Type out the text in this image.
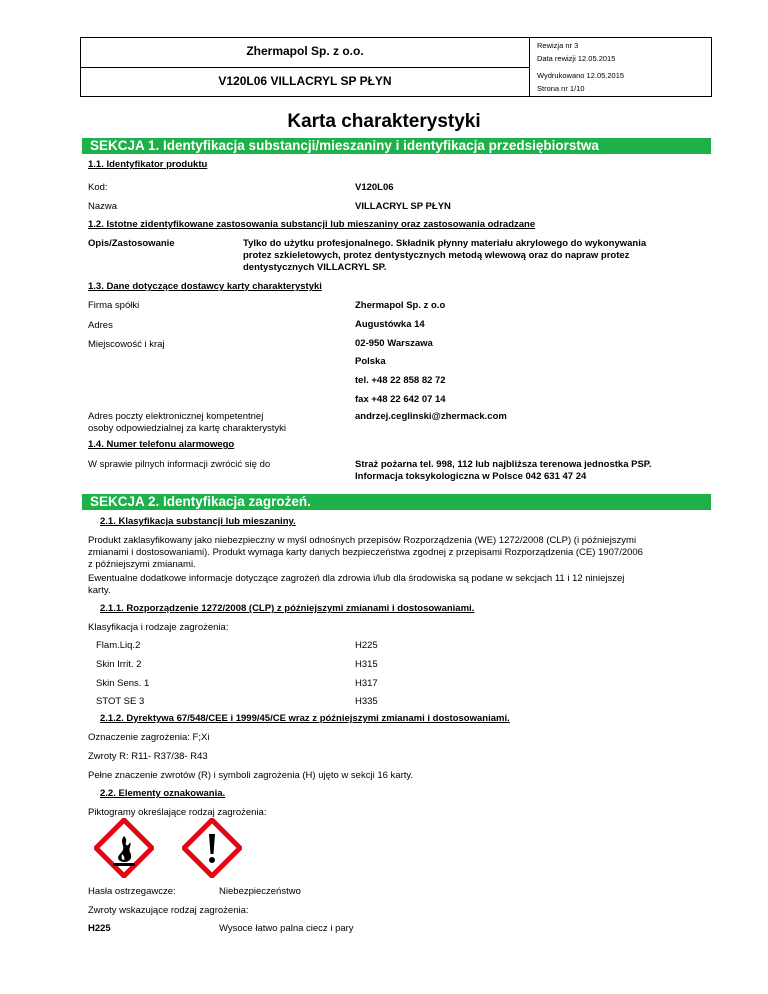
Zhermapol Sp. z o.o.
V120L06 VILLACRYL SP PŁYN
Rewizja nr 3
Data rewizji 12.05.2015
Wydrukowano 12.05.2015
Strona nr 1/10
Karta charakterystyki
SEKCJA 1. Identyfikacja substancji/mieszaniny i identyfikacja przedsiębiorstwa
1.1. Identyfikator produktu
Kod:	V120L06
Nazwa	VILLACRYL SP PŁYN
1.2. Istotne zidentyfikowane zastosowania substancji lub mieszaniny oraz zastosowania odradzane
Opis/Zastosowanie	Tylko do użytku profesjonalnego. Składnik płynny materiału akrylowego do wykonywania
protez szkieletowych, protez dentystycznych metodą wlewową oraz do napraw protez
dentystycznych VILLACRYL SP.
1.3. Dane dotyczące dostawcy karty charakterystyki
Firma spółki	Zhermapol Sp. z o.o
Adres	Augustówka 14
Miejscowość i kraj	02-950 Warszawa
Polska
tel. +48 22 858 82 72
fax +48 22 642 07 14
Adres poczty elektronicznej kompetentnej
osoby odpowiedzialnej za kartę charakterystyki
andrzej.ceglinski@zhermack.com
1.4. Numer telefonu alarmowego
W sprawie pilnych informacji zwrócić się do	Straż pożarna tel. 998, 112 lub najbliższa terenowa jednostka PSP.
Informacja toksykologiczna w Polsce 042 631 47 24
SEKCJA 2. Identyfikacja zagrożeń.
2.1. Klasyfikacja substancji lub mieszaniny.
Produkt zaklasyfikowany jako niebezpieczny w myśl odnośnych przepisów Rozporządzenia (WE) 1272/2008 (CLP) (i późniejszymi
zmianami i dostosowaniami). Produkt wymaga karty danych bezpieczeństwa zgodnej z przepisami Rozporządzenia (CE) 1907/2006
z późniejszymi zmianami.
Ewentualne dodatkowe informacje dotyczące zagrożeń dla zdrowia i/lub dla środowiska są podane w sekcjach 11 i 12 niniejszej
karty.
2.1.1. Rozporządzenie 1272/2008 (CLP) z późniejszymi zmianami i dostosowaniami.
Klasyfikacja i rodzaje zagrożenia:
Flam.Liq.2	H225
Skin Irrit. 2	H315
Skin Sens. 1	H317
STOT SE 3	H335
2.1.2. Dyrektywa 67/548/CEE i 1999/45/CE wraz z późniejszymi zmianami i dostosowaniami.
Oznaczenie zagrożenia: F;Xi
Zwroty R: R11- R37/38- R43
Pełne znaczenie zwrotów (R) i symboli zagrożenia (H) ujęto w sekcji 16 karty.
2.2. Elementy oznakowania.
Piktogramy określające rodzaj zagrożenia:
Hasła ostrzegawcze:	Niebezpieczeństwo
Zwroty wskazujące rodzaj zagrożenia:
H225	Wysoce łatwo palna ciecz i pary
